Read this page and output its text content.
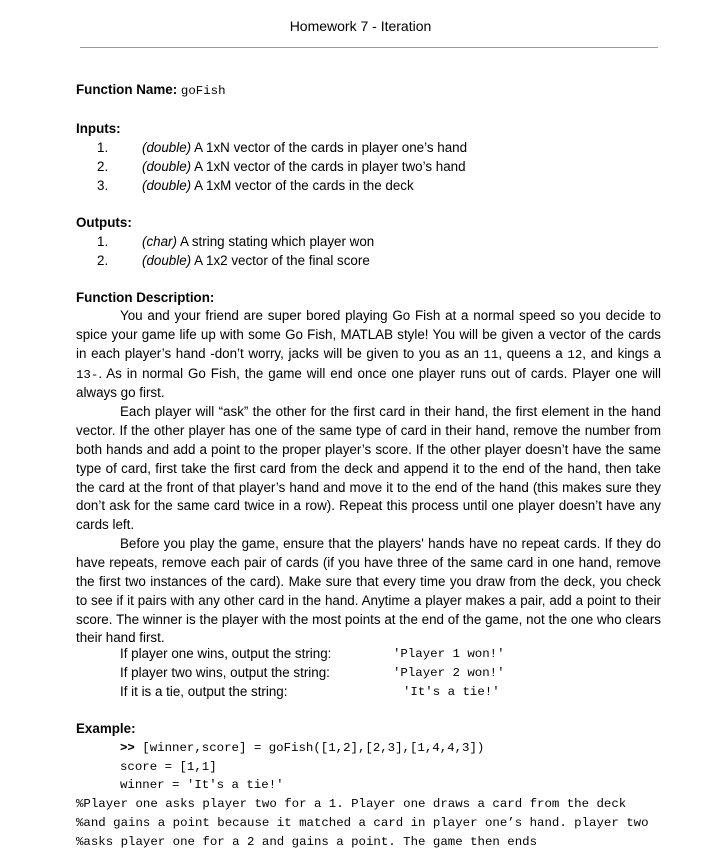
Homework 7 - Iteration
Function Name: goFish
Inputs:
1.	(double) A 1xN vector of the cards in player one’s hand
2.	(double) A 1xN vector of the cards in player two’s hand
3.	(double) A 1xM vector of the cards in the deck
Outputs:
1.	(char) A string stating which player won
2.	(double) A 1x2 vector of the final score
Function Description:

You and your friend are super bored playing Go Fish at a normal speed so you decide to spice your game life up with some Go Fish, MATLAB style! You will be given a vector of the cards in each player’s hand -don’t worry, jacks will be given to you as an 11, queens a 12, and kings a 13-. As in normal Go Fish, the game will end once one player runs out of cards. Player one will always go first.

Each player will “ask” the other for the first card in their hand, the first element in the hand vector. If the other player has one of the same type of card in their hand, remove the number from both hands and add a point to the proper player’s score. If the other player doesn’t have the same type of card, first take the first card from the deck and append it to the end of the hand, then take the card at the front of that player’s hand and move it to the end of the hand (this makes sure they don’t ask for the same card twice in a row). Repeat this process until one player doesn’t have any cards left.

Before you play the game, ensure that the players' hands have no repeat cards. If they do have repeats, remove each pair of cards (if you have three of the same card in one hand, remove the first two instances of the card). Make sure that every time you draw from the deck, you check to see if it pairs with any other card in the hand. Anytime a player makes a pair, add a point to their score. The winner is the player with the most points at the end of the game, not the one who clears their hand first.

If player one wins, output the string:	'Player 1 won!'
If player two wins, output the string:	'Player 2 won!'
If it is a tie, output the string:	'It's a tie!'
Example:
>> [winner,score] = goFish([1,2],[2,3],[1,4,4,3])
score = [1,1]
winner = 'It's a tie!'
%Player one asks player two for a 1. Player one draws a card from the deck
%and gains a point because it matched a card in player one’s hand. player two
%asks player one for a 2 and gains a point. The game then ends
